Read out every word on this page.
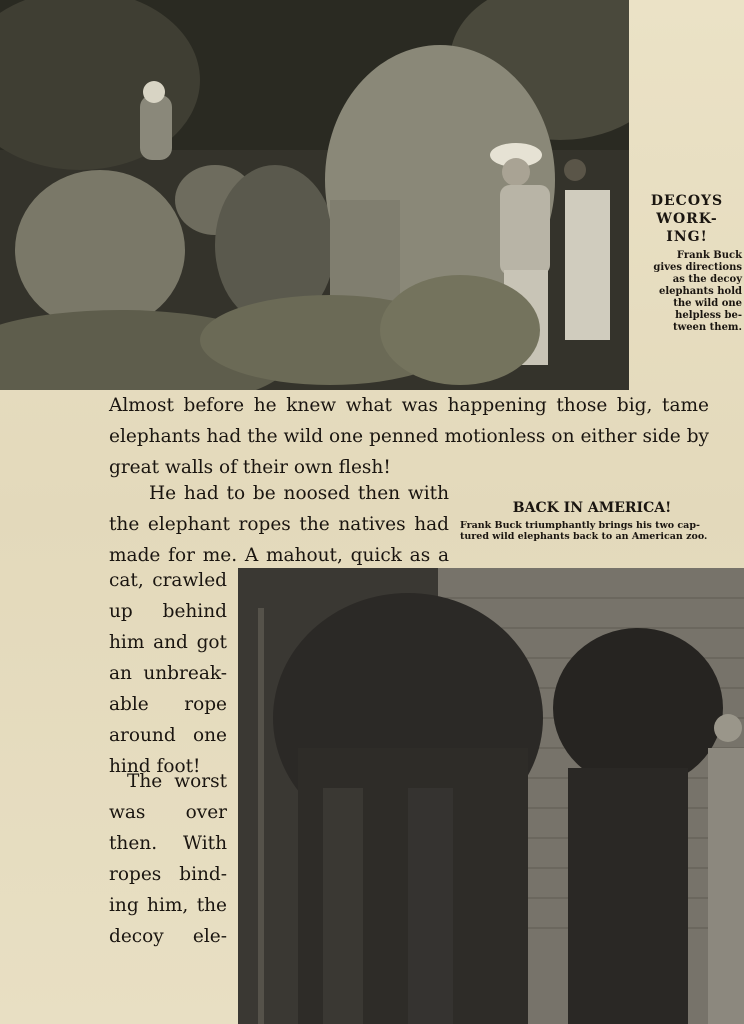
DECOYS
WORK-
ING!

Frank Buck
gives directions
as the decoy
elephants hold
the wild one
helpless be-
tween them.

Almost before he knew what was happening those big, tame
elephants had the wild one penned motionless on either side by
great walls of their own flesh!

He had to be noosed then with
the elephant ropes the natives had
made for me. A mahout, quick as a

BACK IN AMERICA!

Frank Buck triumphantly brings his two cap-
tured wild elephants back to an American zoo.

cat, crawled
up behind
him and got
an unbreak-
able rope
around one
hind foot!

The worst
was over
then. With
ropes bind-
ing him, the
decoy ele-
